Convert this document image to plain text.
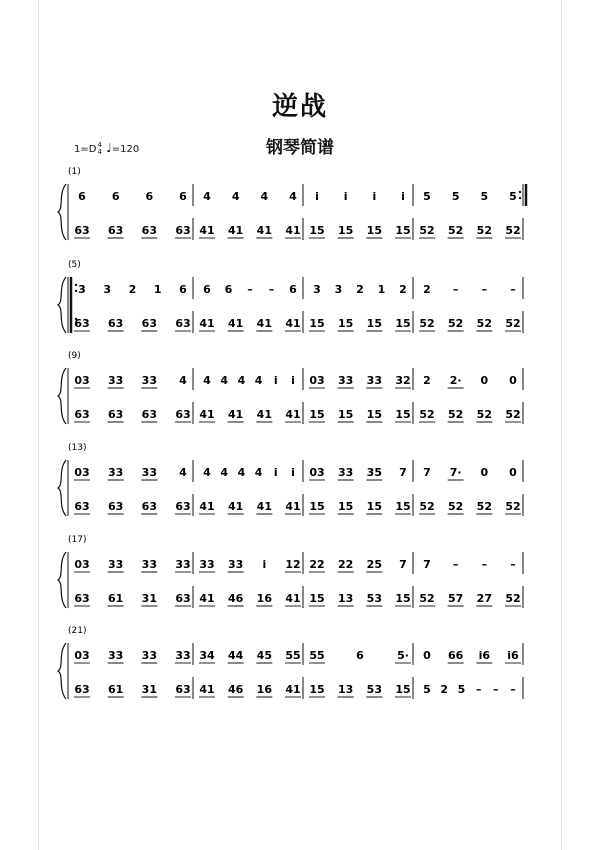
逆战
钢琴简谱
1=D 4
4 ♩=120
(1)
6 6 6 6 4 4 4 4 i i i i 5 5 5 5
63 63 63 63 41 41 41 41 15 15 15 15 52 52 52 52
(5)
3 3 2 1 6 6 6 – – 6 3 3 2 1 2 2 – – –
63 63 63 63 41 41 41 41 15 15 15 15 52 52 52 52
(9)
03 33 33 4 4 4 4 4 i i 03 33 33 32 2 2· 0 0
63 63 63 63 41 41 41 41 15 15 15 15 52 52 52 52
(13)
03 33 33 4 4 4 4 4 i i 03 33 35 7 7 7· 0 0
63 63 63 63 41 41 41 41 15 15 15 15 52 52 52 52
(17)
03 33 33 33 33 33 i 12 22 22 25 7 7 – – –
63 61 31 63 41 46 16 41 15 13 53 15 52 57 27 52
(21)
03 33 33 33 34 44 45 55 55	6	5· 0 66 i6 i6
63 61 31 63 41 46 16 41 15 13 53 15 5 2 5 – – –
